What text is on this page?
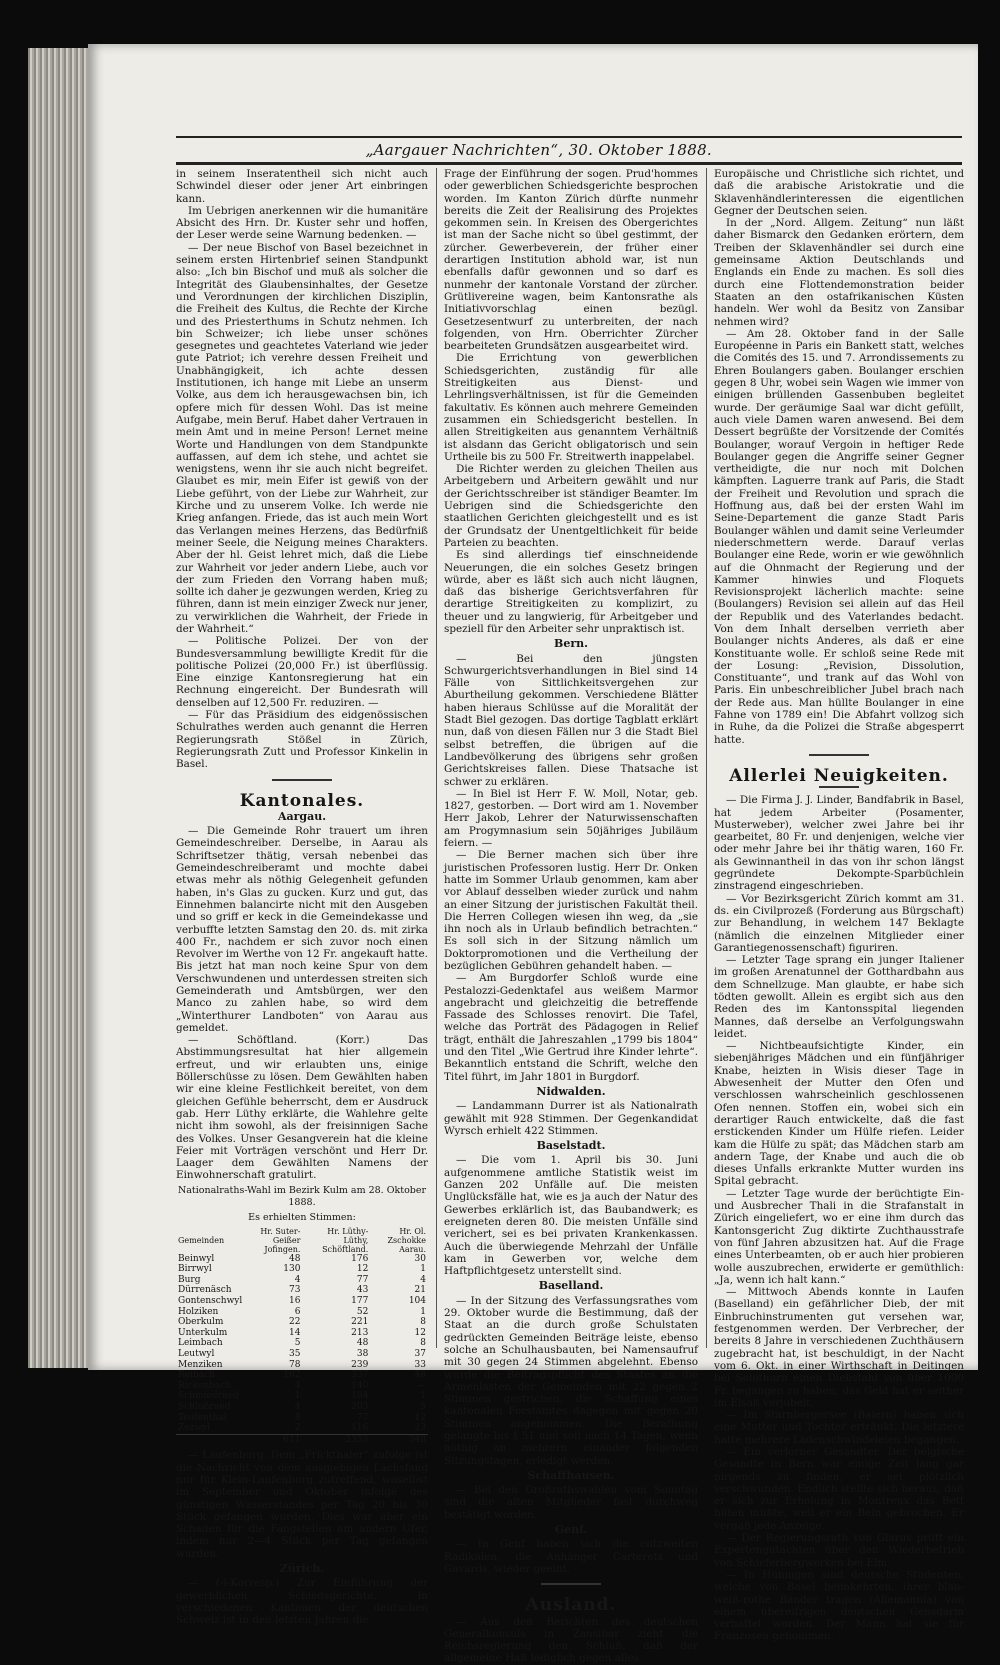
„Aargauer Nachrichten“, 30. Oktober 1888.

in seinem Inseratentheil sich nicht auch Schwindel dieser oder jener Art einbringen kann.

Im Uebrigen anerkennen wir die humanitäre Absicht des Hrn. Dr. Kuster sehr und hoffen, der Leser werde seine Warnung bedenken. —

— Der neue Bischof von Basel bezeichnet in seinem ersten Hirtenbrief seinen Standpunkt also: „Ich bin Bischof und muß als solcher die Integrität des Glaubensinhaltes, der Gesetze und Verordnungen der kirchlichen Disziplin, die Freiheit des Kultus, die Rechte der Kirche und des Priesterthums in Schutz nehmen. Ich bin Schweizer; ich liebe unser schönes gesegnetes und geachtetes Vaterland wie jeder gute Patriot; ich verehre dessen Freiheit und Unabhängigkeit, ich achte dessen Institutionen, ich hange mit Liebe an unserm Volke, aus dem ich herausgewachsen bin, ich opfere mich für dessen Wohl. Das ist meine Aufgabe, mein Beruf. Habet daher Vertrauen in mein Amt und in meine Person! Lernet meine Worte und Handlungen von dem Standpunkte auffassen, auf dem ich stehe, und achtet sie wenigstens, wenn ihr sie auch nicht begreifet. Glaubet es mir, mein Eifer ist gewiß von der Liebe geführt, von der Liebe zur Wahrheit, zur Kirche und zu unserem Volke. Ich werde nie Krieg anfangen. Friede, das ist auch mein Wort das Verlangen meines Herzens, das Bedürfniß meiner Seele, die Neigung meines Charakters. Aber der hl. Geist lehret mich, daß die Liebe zur Wahrheit vor jeder andern Liebe, auch vor der zum Frieden den Vorrang haben muß; sollte ich daher je gezwungen werden, Krieg zu führen, dann ist mein einziger Zweck nur jener, zu verwirklichen die Wahrheit, der Friede in der Wahrheit.“

— Politische Polizei. Der von der Bundesversammlung bewilligte Kredit für die politische Polizei (20,000 Fr.) ist überflüssig. Eine einzige Kantonsregierung hat ein Rechnung eingereicht. Der Bundesrath will denselben auf 12,500 Fr. reduziren. —

— Für das Präsidium des eidgenössischen Schulrathes werden auch genannt die Herren Regierungsrath Stößel in Zürich, Regierungsrath Zutt und Professor Kinkelin in Basel.

Kantonales.
Aargau.

— Die Gemeinde Rohr trauert um ihren Gemeindeschreiber. Derselbe, in Aarau als Schriftsetzer thätig, versah nebenbei das Gemeindeschreiberamt und mochte dabei etwas mehr als nöthig Gelegenheit gefunden haben, in's Glas zu gucken. Kurz und gut, das Einnehmen balancirte nicht mit den Ausgeben und so griff er keck in die Gemeindekasse und verbuffte letzten Samstag den 20. ds. mit zirka 400 Fr., nachdem er sich zuvor noch einen Revolver im Werthe von 12 Fr. angekauft hatte. Bis jetzt hat man noch keine Spur von dem Verschwundenen und unterdessen streiten sich Gemeinderath und Amtsbürgen, wer den Manco zu zahlen habe, so wird dem „Winterthurer Landboten“ von Aarau aus gemeldet.

— Schöftland. (Korr.) Das Abstimmungsresultat hat hier allgemein erfreut, und wir erlaubten uns, einige Böllerschüsse zu lösen. Dem Gewählten haben wir eine kleine Festlichkeit bereitet, von dem gleichen Gefühle beherrscht, dem er Ausdruck gab. Herr Lüthy erklärte, die Wahlehre gelte nicht ihm sowohl, als der freisinnigen Sache des Volkes. Unser Gesangverein hat die kleine Feier mit Vorträgen verschönt und Herr Dr. Laager dem Gewählten Namens der Einwohnerschaft gratulirt.

Nationalraths-Wahl im Bezirk Kulm am 28. Oktober 1888.
Es erhielten Stimmen:
Gemeinden	Hr. Suter-Geißer Jofingen.	Hr. Lüthy-Lüthy, Schöftland.	Hr. Ol. Zschokke Aarau.
Beinwyl	48	176	30
Birrwyl	130	12	1
Burg	4	77	4
Dürrenäsch	73	43	21
Gontenschwyl	16	177	104
Holziken	6	52	1
Oberkulm	22	221	8
Unterkulm	14	213	12
Leimbach	5	48	8
Leutwyl	35	38	37
Menziken	78	239	33
Reinach	162	337	48
Rickenbach	4	140	—
Schmiedrued	1	184	1
Schloßrued	4	203	5
Teufenthal	8	77	12
Zezwyl	2	116	23
	611	2353	348

— Laufenburg. Dem „Frickthaler“ zufolge ist die Nachricht von dem ausgiebigen Lachsfang nur für Klein-Laufenburg zutreffend, woselbst im September und Oktober infolge des günstigen Wasserstandes per Tag 20 bis 30 Stück gefangen wurden. Dies war aber ein Schaden für die Fangstellen am andern Ufer, indem nur 2—4 Stück per Tag gefangen wurden.

Zürich.

— (-l-Korresp.) Zur Einführung der gewerblichen Schiedsgerichte. In verschiedenen Kantonen der deutschen Schweiz ist in den letzten Jahren die

Frage der Einführung der sogen. Prud'hommes oder gewerblichen Schiedsgerichte besprochen worden. Im Kanton Zürich dürfte nunmehr bereits die Zeit der Realisirung des Projektes gekommen sein. In Kreisen des Obergerichtes ist man der Sache nicht so übel gestimmt, der zürcher. Gewerbeverein, der früher einer derartigen Institution abhold war, ist nun ebenfalls dafür gewonnen und so darf es nunmehr der kantonale Vorstand der zürcher. Grütlivereine wagen, beim Kantonsrathe als Initiativvorschlag einen bezügl. Gesetzesentwurf zu unterbreiten, der nach folgenden, von Hrn. Oberrichter Zürcher bearbeiteten Grundsätzen ausgearbeitet wird.

Die Errichtung von gewerblichen Schiedsgerichten, zuständig für alle Streitigkeiten aus Dienst- und Lehrlingsverhältnissen, ist für die Gemeinden fakultativ. Es können auch mehrere Gemeinden zusammen ein Schiedsgericht bestellen. In allen Streitigkeiten aus genanntem Verhältniß ist alsdann das Gericht obligatorisch und sein Urtheile bis zu 500 Fr. Streitwerth inappelabel.

Die Richter werden zu gleichen Theilen aus Arbeitgebern und Arbeitern gewählt und nur der Gerichtsschreiber ist ständiger Beamter. Im Uebrigen sind die Schiedsgerichte den staatlichen Gerichten gleichgestellt und es ist der Grundsatz der Unentgeltlichkeit für beide Parteien zu beachten.

Es sind allerdings tief einschneidende Neuerungen, die ein solches Gesetz bringen würde, aber es läßt sich auch nicht läugnen, daß das bisherige Gerichtsverfahren für derartige Streitigkeiten zu komplizirt, zu theuer und zu langwierig, für Arbeitgeber und speziell für den Arbeiter sehr unpraktisch ist.

Bern.

— Bei den jüngsten Schwurgerichtsverhandlungen in Biel sind 14 Fälle von Sittlichkeitsvergehen zur Aburtheilung gekommen. Verschiedene Blätter haben hieraus Schlüsse auf die Moralität der Stadt Biel gezogen. Das dortige Tagblatt erklärt nun, daß von diesen Fällen nur 3 die Stadt Biel selbst betreffen, die übrigen auf die Landbevölkerung des übrigens sehr großen Gerichtskreises fallen. Diese Thatsache ist schwer zu erklären.

— In Biel ist Herr F. W. Moll, Notar, geb. 1827, gestorben. — Dort wird am 1. November Herr Jakob, Lehrer der Naturwissenschaften am Progymnasium sein 50jähriges Jubiläum feiern. —

— Die Berner machen sich über ihre juristischen Professoren lustig. Herr Dr. Onken hatte im Sommer Urlaub genommen, kam aber vor Ablauf desselben wieder zurück und nahm an einer Sitzung der juristischen Fakultät theil. Die Herren Collegen wiesen ihn weg, da „sie ihn noch als in Urlaub befindlich betrachten.“ Es soll sich in der Sitzung nämlich um Doktorpromotionen und die Vertheilung der bezüglichen Gebühren gehandelt haben. —

— Am Burgdorfer Schloß wurde eine Pestalozzi-Gedenktafel aus weißem Marmor angebracht und gleichzeitig die betreffende Fassade des Schlosses renovirt. Die Tafel, welche das Porträt des Pädagogen in Relief trägt, enthält die Jahreszahlen „1799 bis 1804“ und den Titel „Wie Gertrud ihre Kinder lehrte“. Bekanntlich entstand die Schrift, welche den Titel führt, im Jahr 1801 in Burgdorf.

Nidwalden.

— Landammann Durrer ist als Nationalrath gewählt mit 928 Stimmen. Der Gegenkandidat Wyrsch erhielt 422 Stimmen.

Baselstadt.

— Die vom 1. April bis 30. Juni aufgenommene amtliche Statistik weist im Ganzen 202 Unfälle auf. Die meisten Unglücksfälle hat, wie es ja auch der Natur des Gewerbes erklärlich ist, das Baubandwerk; es ereigneten deren 80. Die meisten Unfälle sind verichert, sei es bei privaten Krankenkassen. Auch die überwiegende Mehrzahl der Unfälle kam in Gewerben vor, welche dem Haftpflichtgesetz unterstellt sind.

Baselland.

— In der Sitzung des Verfassungsrathes vom 29. Oktober wurde die Bestimmung, daß der Staat an die durch große Schulstaten gedrückten Gemeinden Beiträge leiste, ebenso solche an Schulhausbauten, bei Namensaufruf mit 30 gegen 24 Stimmen abgelehnt. Ebenso wurde die Beitragspflicht des Staates an die Armenlasten der Gemeinden mit 22 gegen 2 Stimmen gestrichen, die Schaffung eines kantonalen Forstamtes dagegen mit gegen 20 Stimmen angenommen. Die Berathung gelangte bis § 51 und soll nach 14 Tagen, wenn nöthig an mehrern einander folgenden Sitzungstagen, erledigt werden.

Schaffhausen.

— Bei den Großrathswahlen vom Sonntag sind die alten Mitglieder fast durchweg bestätigt worden.

Genf.

— In Genf haben sich die entzweiten Radikalen, die Anhänger Carterets und Gavards, wieder geeint.

Ausland.

— Aus den Berichten des deutschen Generalkonsuls in Zansibar zieht die Reichsregierung den Schluß, daß der allgemeine Haß lediglich gegen alles

Europäische und Christliche sich richtet, und daß die arabische Aristokratie und die Sklavenhändlerinteressen die eigentlichen Gegner der Deutschen seien.

In der „Nord. Allgem. Zeitung“ nun läßt daher Bismarck den Gedanken erörtern, dem Treiben der Sklavenhändler sei durch eine gemeinsame Aktion Deutschlands und Englands ein Ende zu machen. Es soll dies durch eine Flottendemonstration beider Staaten an den ostafrikanischen Küsten handeln. Wer wohl da Besitz von Zansibar nehmen wird?

— Am 28. Oktober fand in der Salle Européenne in Paris ein Bankett statt, welches die Comités des 15. und 7. Arrondissements zu Ehren Boulangers gaben. Boulanger erschien gegen 8 Uhr, wobei sein Wagen wie immer von einigen brüllenden Gassenbuben begleitet wurde. Der geräumige Saal war dicht gefüllt, auch viele Damen waren anwesend. Bei dem Dessert begrüßte der Vorsitzende der Comités Boulanger, worauf Vergoin in heftiger Rede Boulanger gegen die Angriffe seiner Gegner vertheidigte, die nur noch mit Dolchen kämpften. Laguerre trank auf Paris, die Stadt der Freiheit und Revolution und sprach die Hoffnung aus, daß bei der ersten Wahl im Seine-Departement die ganze Stadt Paris Boulanger wählen und damit seine Verleumder niederschmettern werde. Darauf verlas Boulanger eine Rede, worin er wie gewöhnlich auf die Ohnmacht der Regierung und der Kammer hinwies und Floquets Revisionsprojekt lächerlich machte: seine (Boulangers) Revision sei allein auf das Heil der Republik und des Vaterlandes bedacht. Von dem Inhalt derselben verrieth aber Boulanger nichts Anderes, als daß er eine Konstituante wolle. Er schloß seine Rede mit der Losung: „Revision, Dissolution, Constituante“, und trank auf das Wohl von Paris. Ein unbeschreiblicher Jubel brach nach der Rede aus. Man hüllte Boulanger in eine Fahne von 1789 ein! Die Abfahrt vollzog sich in Ruhe, da die Polizei die Straße abgesperrt hatte.

Allerlei Neuigkeiten.

— Die Firma J. J. Linder, Bandfabrik in Basel, hat jedem Arbeiter (Posamenter, Musterweber), welcher zwei Jahre bei ihr gearbeitet, 80 Fr. und denjenigen, welche vier oder mehr Jahre bei ihr thätig waren, 160 Fr. als Gewinnantheil in das von ihr schon längst gegründete Dekompte-Sparbüchlein zinstragend eingeschrieben.

— Vor Bezirksgericht Zürich kommt am 31. ds. ein Civilprozeß (Forderung aus Bürgschaft) zur Behandlung, in welchem 147 Beklagte (nämlich die einzelnen Mitglieder einer Garantiegenossenschaft) figuriren.

— Letzter Tage sprang ein junger Italiener im großen Arenatunnel der Gotthardbahn aus dem Schnellzuge. Man glaubte, er habe sich tödten gewollt. Allein es ergibt sich aus den Reden des im Kantonsspital liegenden Mannes, daß derselbe an Verfolgungswahn leidet.

— Nichtbeaufsichtigte Kinder, ein siebenjähriges Mädchen und ein fünfjähriger Knabe, heizten in Wisis dieser Tage in Abwesenheit der Mutter den Ofen und verschlossen wahrscheinlich geschlossenen Ofen nennen. Stoffen ein, wobei sich ein derartiger Rauch entwickelte, daß die fast erstickenden Kinder um Hülfe riefen. Leider kam die Hülfe zu spät; das Mädchen starb am andern Tage, der Knabe und auch die ob dieses Unfalls erkrankte Mutter wurden ins Spital gebracht.

— Letzter Tage wurde der berüchtigte Ein- und Ausbrecher Thali in die Strafanstalt in Zürich eingeliefert, wo er eine ihm durch das Kantonsgericht Zug diktirte Zuchthausstrafe von fünf Jahren abzusitzen hat. Auf die Frage eines Unterbeamten, ob er auch hier probieren wolle auszubrechen, erwiderte er gemüthlich: „Ja, wenn ich halt kann.“

— Mittwoch Abends konnte in Laufen (Baselland) ein gefährlicher Dieb, der mit Einbruchinstrumenten gut versehen war, festgenommen werden. Der Verbrecher, der bereits 8 Jahre in verschiedenen Zuchthäusern zugebracht hat, ist beschuldigt, in der Nacht vom 6. Okt. in einer Wirthschaft in Deitingen bei Solothurn einen Diebstahl von über 1000 Fr. begangen zu haben; das Geld hat er seither im Elsaß verjubelt.

— Im Starnbergersee (Baiern) haben sich eine Mutter und Tochter ertränkt. Die letztere hatte mehrere Ladenschwindeleien begangen.

— Ein verlorner Gesandter. Der belgische Gesandte in Bern war einige Zeit lang gar nirgends zu finden, er sei plötzlich verschwunden. Endlich stellte sich heraus, daß er sich zur Erholung in Montreux das Bett hüten müßte, weil er ein Bein gebrochen. Er vergaß jede Anzeige.

— Der Regierungsrath von Glarus prüft ein Expertengutachten über den Wiederbetrieb von Schieferbergwerken bei Elm.

— In Hüningen sind deutsche Studenten, welche von Basel heimkehrten, ihrer blau-weiß-rothe Bänder tragen (Allemannia) von einem übereifrigen deutschen Gensdarm verhaftet worden. Der Mann hat sie für Franzosen genommen.
